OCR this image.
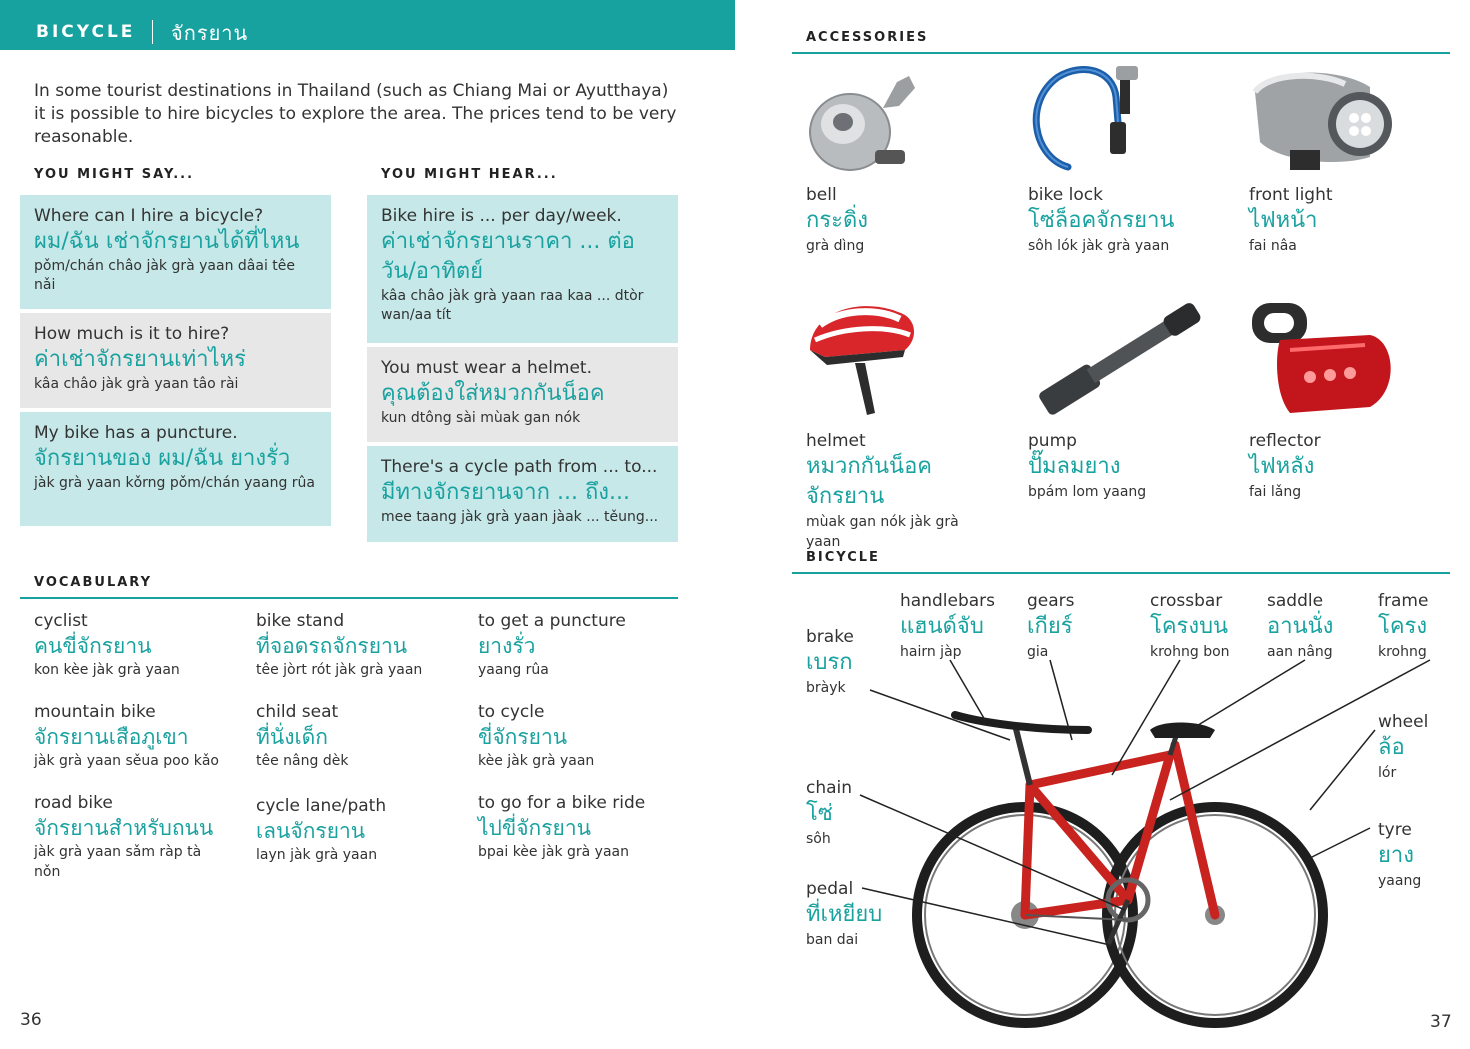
BICYCLE จักรยาน
In some tourist destinations in Thailand (such as Chiang Mai or Ayutthaya) it is possible to hire bicycles to explore the area. The prices tend to be very reasonable.
YOU MIGHT SAY...	YOU MIGHT HEAR...
Where can I hire a bicycle?
ผม/ฉัน เช่าจักรยานได้ที่ไหน
pǒm/chán châo jàk grà yaan dâai têe nǎi
How much is it to hire?
ค่าเช่าจักรยานเท่าไหร่
kâa châo jàk grà yaan tâo rài
My bike has a puncture.
จักรยานของ ผม/ฉัน ยางรั่ว
jàk grà yaan kǒrng pǒm/chán yaang rûa
Bike hire is ... per day/week.
ค่าเช่าจักรยานราคา ... ต่อ วัน/อาทิตย์
kâa châo jàk grà yaan raa kaa ... dtòr wan/aa tít
You must wear a helmet.
คุณต้องใส่หมวกกันน็อค
kun dtông sài mùak gan nók
There's a cycle path from ... to...
มีทางจักรยานจาก ... ถึง...
mee taang jàk grà yaan jàak ... těung...
VOCABULARY
cyclist
คนขี่จักรยาน
kon kèe jàk grà yaan
bike stand
ที่จอดรถจักรยาน
têe jòrt rót jàk grà yaan
to get a puncture
ยางรั่ว
yaang rûa
mountain bike
จักรยานเสือภูเขา
jàk grà yaan sěua poo kǎo
child seat
ที่นั่งเด็ก
têe nâng dèk
to cycle
ขี่จักรยาน
kèe jàk grà yaan
road bike
จักรยานสำหรับถนน
jàk grà yaan sǎm ràp tà nǒn
cycle lane/path
เลนจักรยาน
layn jàk grà yaan
to go for a bike ride
ไปขี่จักรยาน
bpai kèe jàk grà yaan
36
ACCESSORIES
bell
กระดิ่ง
grà dìng
bike lock
โซ่ล็อคจักรยาน
sôh lók jàk grà yaan
front light
ไฟหน้า
fai nâa
helmet
หมวกกันน็อคจักรยาน
mùak gan nók jàk grà yaan
pump
ปั๊มลมยาง
bpám lom yaang
reflector
ไฟหลัง
fai lǎng
BICYCLE
brake
เบรก
bràyk
handlebars
แฮนด์จับ
hairn jàp
gears
เกียร์
gia
crossbar
โครงบน
krohng bon
saddle
อานนั่ง
aan nâng
frame
โครง
krohng
wheel
ล้อ
lór
chain
โซ่
sôh	tyre
ยาง
yaang
pedal
ที่เหยียบ
ban dai
37
